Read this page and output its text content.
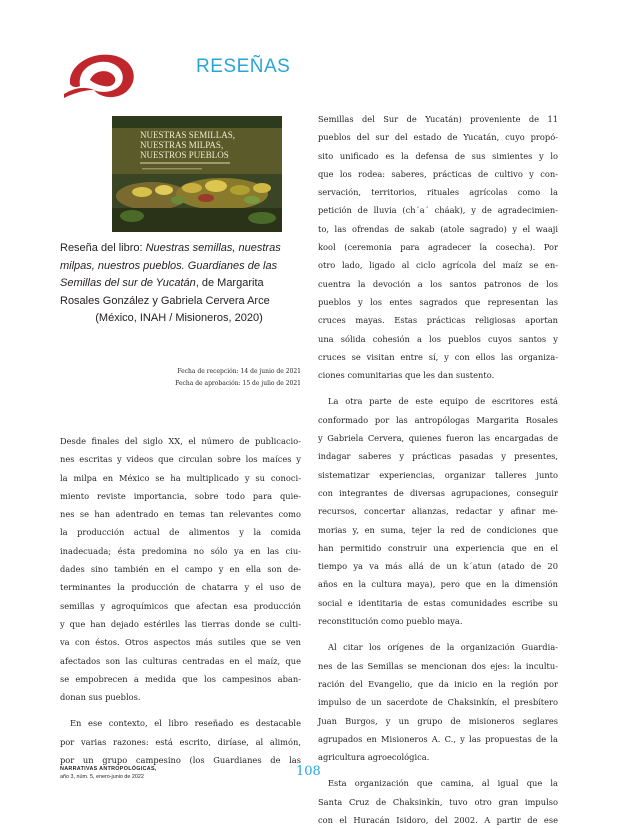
RESEÑAS
NUESTRAS SEMILLAS,
NUESTRAS MILPAS,
NUESTROS PUEBLOS
Reseña del libro: Nuestras semillas, nuestras
milpas, nuestros pueblos. Guardianes de las
Semillas del sur de Yucatán, de Margarita
Rosales González y Gabriela Cervera Arce
(México, INAH / Misioneros, 2020)
Fecha de recepción: 14 de junio de 2021
Fecha de aprobación: 15 de julio de 2021
Desde finales del siglo XX, el número de publicacio-
nes escritas y videos que circulan sobre los maíces y
la milpa en México se ha multiplicado y su conoci-
miento reviste importancia, sobre todo para quie-
nes se han adentrado en temas tan relevantes como
la producción actual de alimentos y la comida
inadecuada; ésta predomina no sólo ya en las ciu-
dades sino también en el campo y en ella son de-
terminantes la producción de chatarra y el uso de
semillas y agroquímicos que afectan esa producción
y que han dejado estériles las tierras donde se culti-
va con éstos. Otros aspectos más sutiles que se ven
afectados son las culturas centradas en el maíz, que
se empobrecen a medida que los campesinos aban-
donan sus pueblos.
En ese contexto, el libro reseñado es destacable
por varias razones: está escrito, diríase, al alimón,
por un grupo campesino (los Guardianes de las
Semillas del Sur de Yucatán) proveniente de 11
pueblos del sur del estado de Yucatán, cuyo propó-
sito unificado es la defensa de sus simientes y lo
que los rodea: saberes, prácticas de cultivo y con-
servación, territorios, rituales agrícolas como la
petición de lluvia (ch´a´ cháak), y de agradecimien-
to, las ofrendas de sakab (atole sagrado) y el waaji
kool (ceremonia para agradecer la cosecha). Por
otro lado, ligado al ciclo agrícola del maíz se en-
cuentra la devoción a los santos patronos de los
pueblos y los entes sagrados que representan las
cruces mayas. Estas prácticas religiosas aportan
una sólida cohesión a los pueblos cuyos santos y
cruces se visitan entre sí, y con ellos las organiza-
ciones comunitarias que les dan sustento.
La otra parte de este equipo de escritores está
conformado por las antropólogas Margarita Rosales
y Gabriela Cervera, quienes fueron las encargadas de
indagar saberes y prácticas pasadas y presentes,
sistematizar experiencias, organizar talleres junto
con integrantes de diversas agrupaciones, conseguir
recursos, concertar alianzas, redactar y afinar me-
morias y, en suma, tejer la red de condiciones que
han permitido construir una experiencia que en el
tiempo ya va más allá de un k´atun (atado de 20
años en la cultura maya), pero que en la dimensión
social e identitaria de estas comunidades escribe su
reconstitución como pueblo maya.
Al citar los orígenes de la organización Guardia-
nes de las Semillas se mencionan dos ejes: la incultu-
ración del Evangelio, que da inicio en la región por
impulso de un sacerdote de Chaksinkín, el presbítero
Juan Burgos, y un grupo de misioneros seglares
agrupados en Misioneros A. C., y las propuestas de la
agricultura agroecológica.
Esta organización que camina, al igual que la
Santa Cruz de Chaksinkín, tuvo otro gran impulso
con el Huracán Isidoro, del 2002. A partir de ese
NARRATIVAS ANTROPOLÓGICAS,
año 3, núm. 5, enero-junio de 2022	108
